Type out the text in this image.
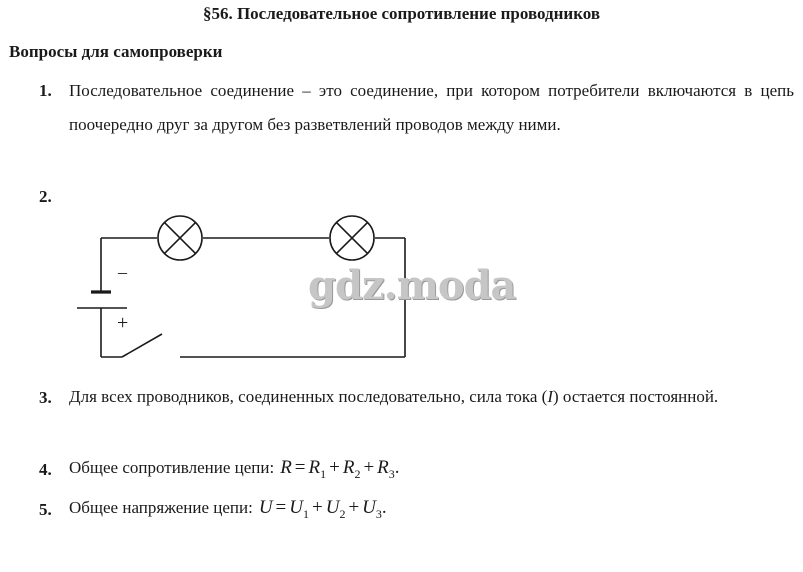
§56. Последовательное сопротивление проводников
Вопросы для самопроверки
1. Последовательное соединение – это соединение, при котором потребители включаются в цепь поочередно друг за другом без разветвлений проводов между ними.
2.
–
+
gdz.moda
3. Для всех проводников, соединенных последовательно, сила тока (I) остается постоянной.
4. Общее сопротивление цепи: $R = R_1 + R_2 + R_3$.
5. Общее напряжение цепи: $U = U_1 + U_2 + U_3$.
